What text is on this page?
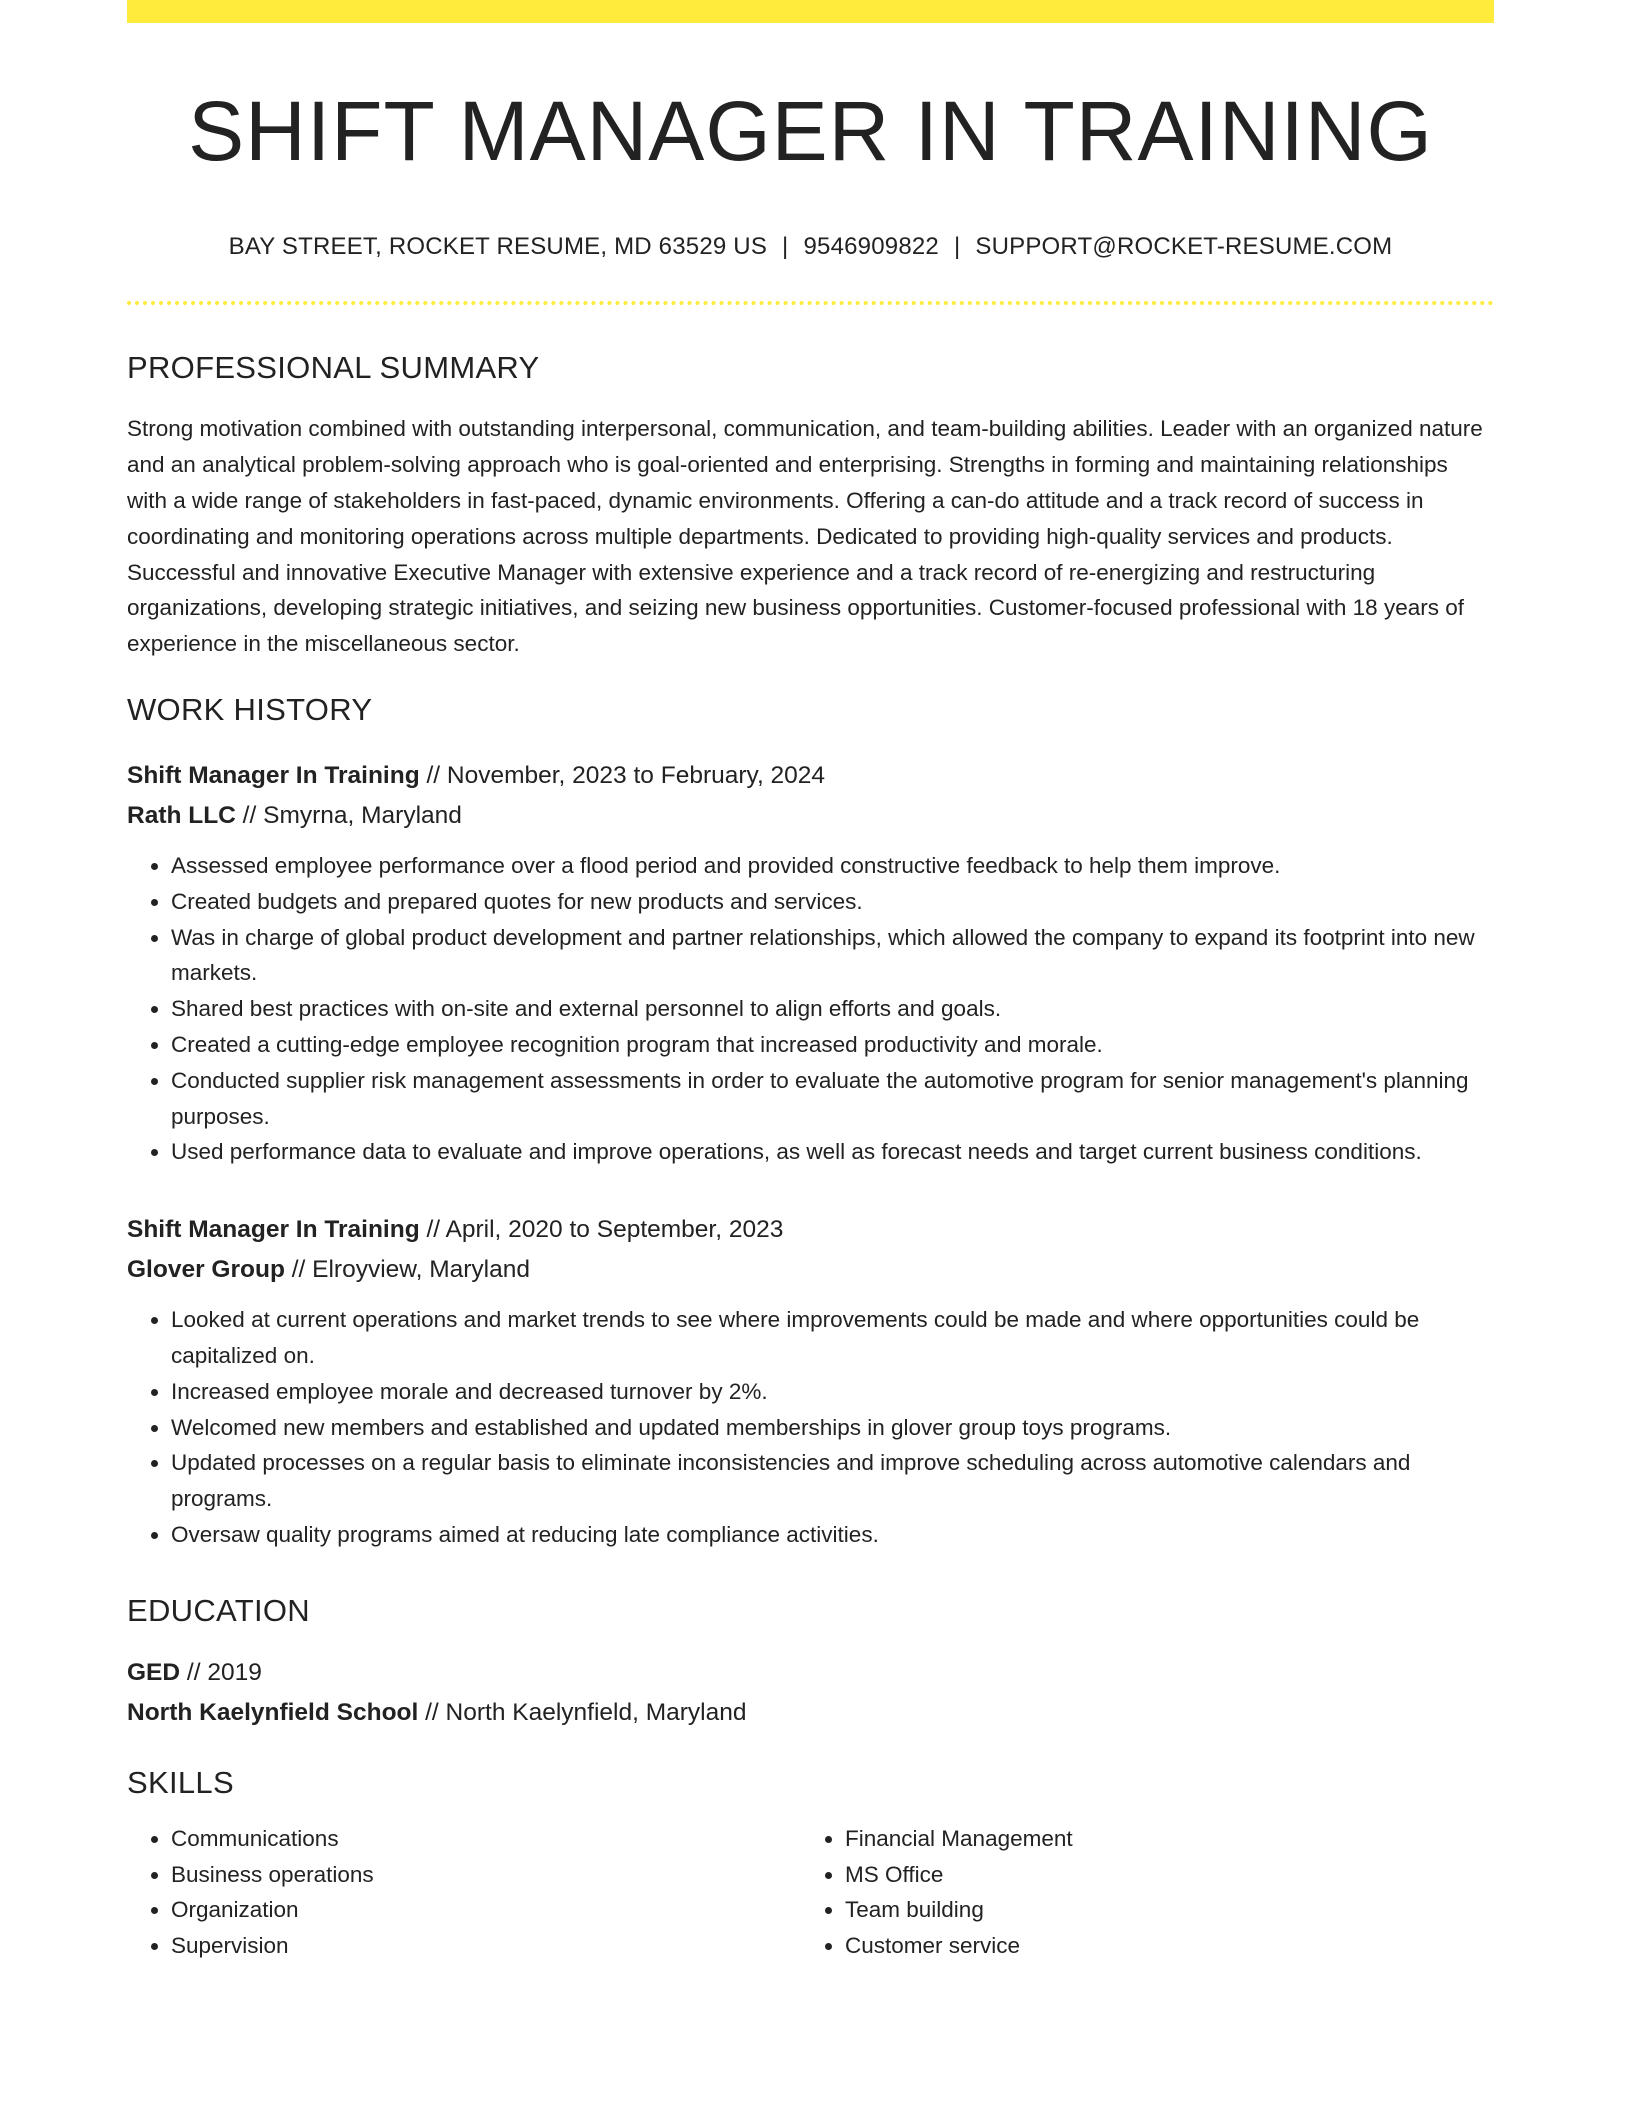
SHIFT MANAGER IN TRAINING
BAY STREET, ROCKET RESUME, MD 63529 US | 9546909822 | SUPPORT@ROCKET-RESUME.COM
PROFESSIONAL SUMMARY
Strong motivation combined with outstanding interpersonal, communication, and team-building abilities. Leader with an organized nature and an analytical problem-solving approach who is goal-oriented and enterprising. Strengths in forming and maintaining relationships with a wide range of stakeholders in fast-paced, dynamic environments. Offering a can-do attitude and a track record of success in coordinating and monitoring operations across multiple departments. Dedicated to providing high-quality services and products. Successful and innovative Executive Manager with extensive experience and a track record of re-energizing and restructuring organizations, developing strategic initiatives, and seizing new business opportunities. Customer-focused professional with 18 years of experience in the miscellaneous sector.
WORK HISTORY
Shift Manager In Training // November, 2023 to February, 2024
Rath LLC // Smyrna, Maryland
• Assessed employee performance over a flood period and provided constructive feedback to help them improve.
• Created budgets and prepared quotes for new products and services.
• Was in charge of global product development and partner relationships, which allowed the company to expand its footprint into new markets.
• Shared best practices with on-site and external personnel to align efforts and goals.
• Created a cutting-edge employee recognition program that increased productivity and morale.
• Conducted supplier risk management assessments in order to evaluate the automotive program for senior management's planning purposes.
• Used performance data to evaluate and improve operations, as well as forecast needs and target current business conditions.
Shift Manager In Training // April, 2020 to September, 2023
Glover Group // Elroyview, Maryland
• Looked at current operations and market trends to see where improvements could be made and where opportunities could be capitalized on.
• Increased employee morale and decreased turnover by 2%.
• Welcomed new members and established and updated memberships in glover group toys programs.
• Updated processes on a regular basis to eliminate inconsistencies and improve scheduling across automotive calendars and programs.
• Oversaw quality programs aimed at reducing late compliance activities.
EDUCATION
GED // 2019
North Kaelynfield School // North Kaelynfield, Maryland
SKILLS
• Communications
• Business operations
• Organization
• Supervision
• Financial Management
• MS Office
• Team building
• Customer service
